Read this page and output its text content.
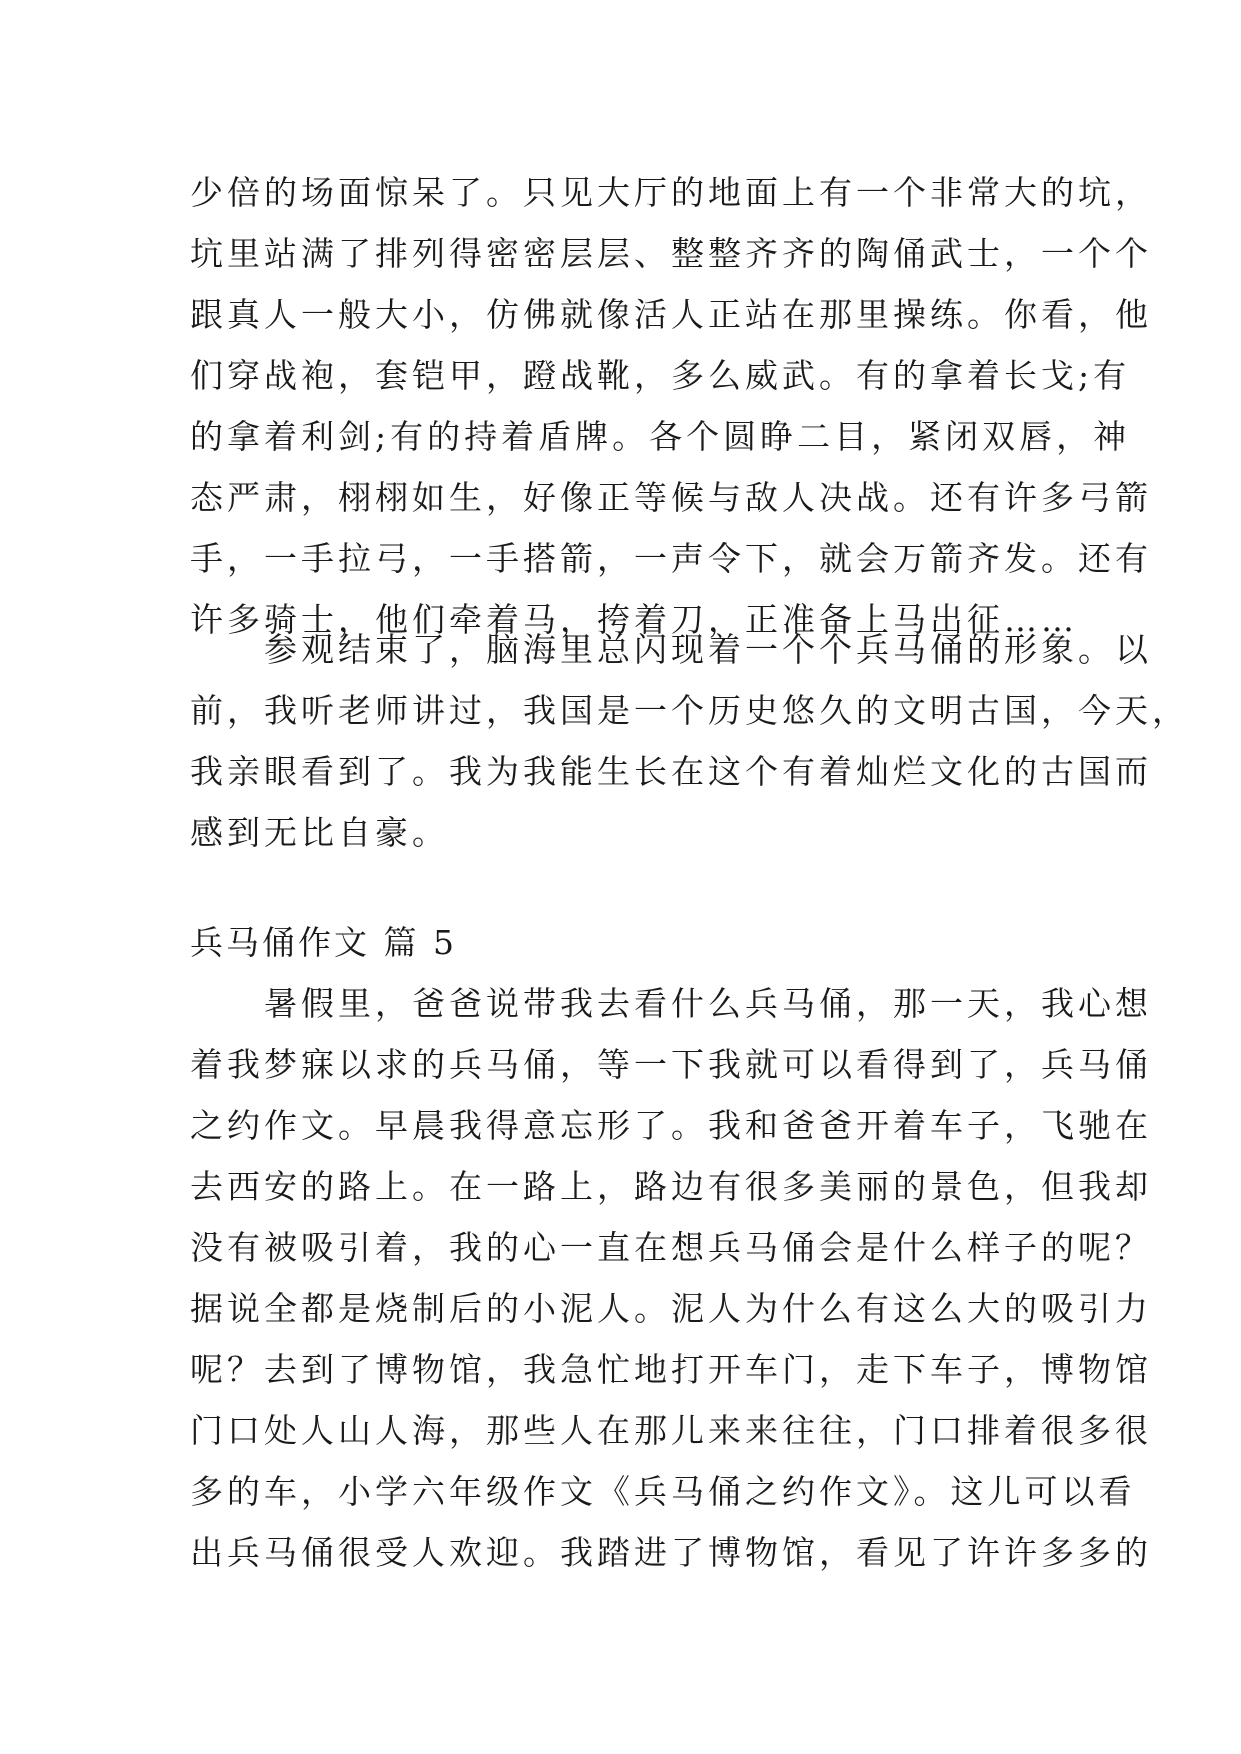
少倍的场面惊呆了。只见大厅的地面上有一个非常大的坑，
坑里站满了排列得密密层层、整整齐齐的陶俑武士，一个个
跟真人一般大小，仿佛就像活人正站在那里操练。你看，他
们穿战袍，套铠甲，蹬战靴，多么威武。有的拿着长戈;有
的拿着利剑;有的持着盾牌。各个圆睁二目，紧闭双唇，神
态严肃，栩栩如生，好像正等候与敌人决战。还有许多弓箭
手，一手拉弓，一手搭箭，一声令下，就会万箭齐发。还有
许多骑士，他们牵着马，挎着刀，正准备上马出征……
　　参观结束了，脑海里总闪现着一个个兵马俑的形象。以
前，我听老师讲过，我国是一个历史悠久的文明古国，今天，
我亲眼看到了。我为我能生长在这个有着灿烂文化的古国而
感到无比自豪。
兵马俑作文 篇 5
　　暑假里，爸爸说带我去看什么兵马俑，那一天，我心想
着我梦寐以求的兵马俑，等一下我就可以看得到了，兵马俑
之约作文。早晨我得意忘形了。我和爸爸开着车子，飞驰在
去西安的路上。在一路上，路边有很多美丽的景色，但我却
没有被吸引着，我的心一直在想兵马俑会是什么样子的呢？
据说全都是烧制后的小泥人。泥人为什么有这么大的吸引力
呢？去到了博物馆，我急忙地打开车门，走下车子，博物馆
门口处人山人海，那些人在那儿来来往往，门口排着很多很
多的车，小学六年级作文《兵马俑之约作文》。这儿可以看
出兵马俑很受人欢迎。我踏进了博物馆，看见了许许多多的
